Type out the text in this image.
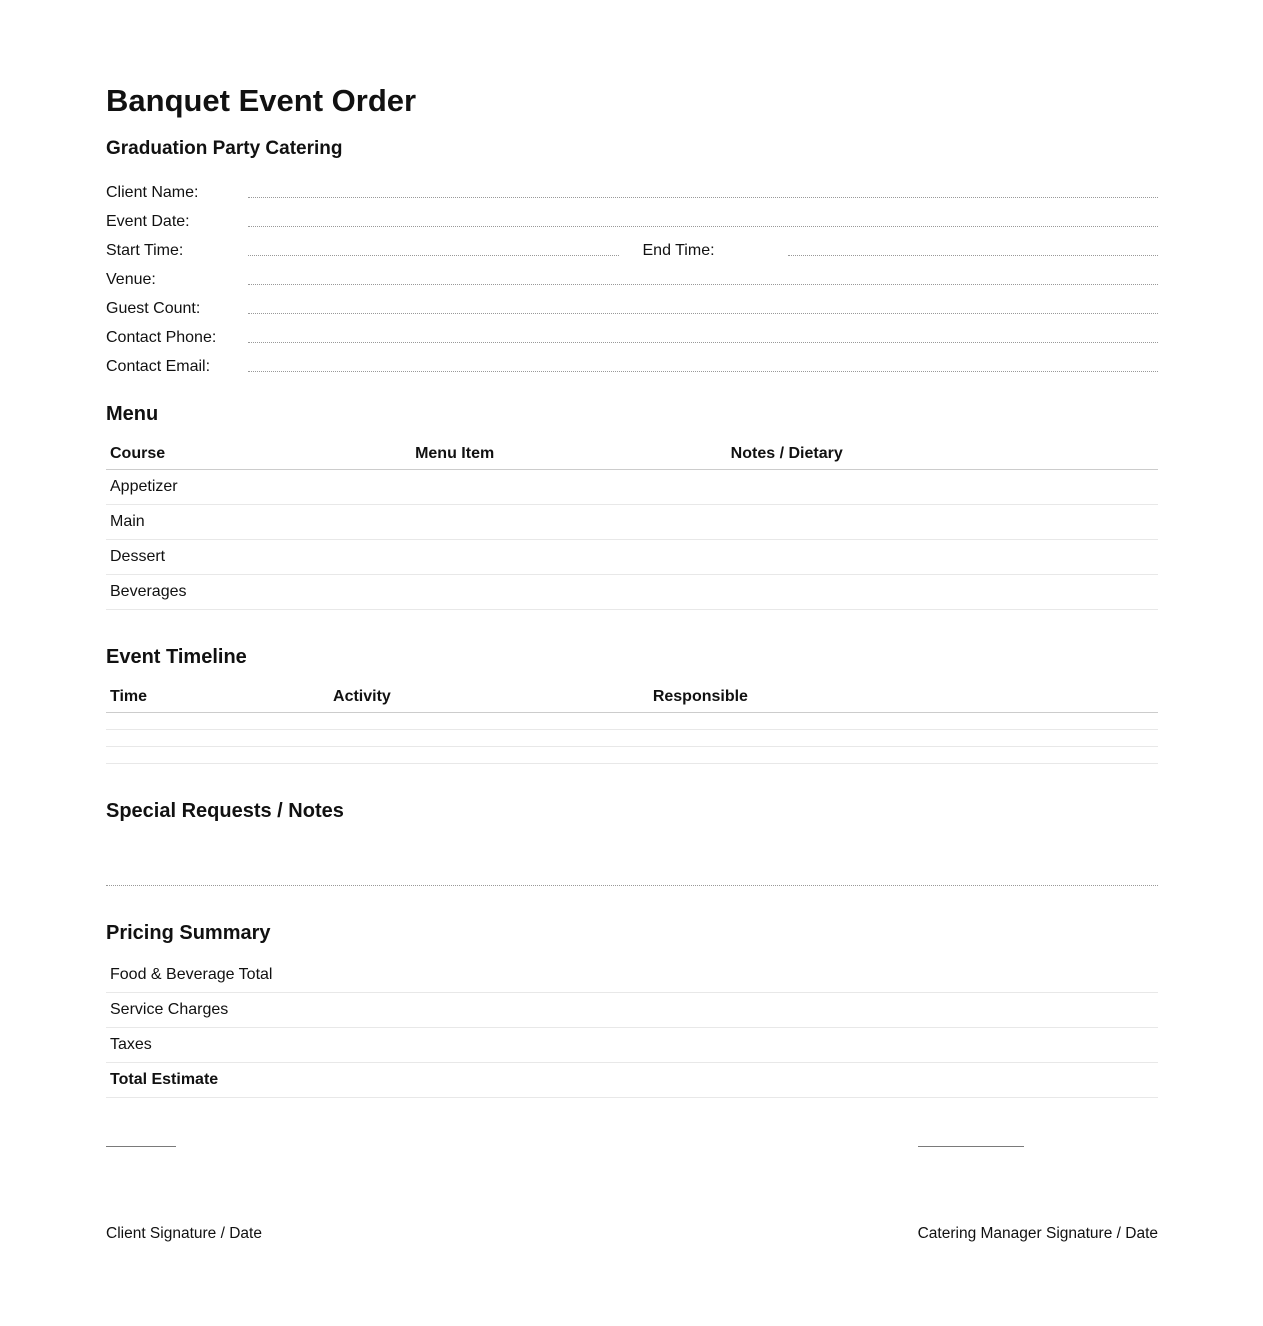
Banquet Event Order
Graduation Party Catering
Client Name:
Event Date:
Start Time:	End Time:
Venue:
Guest Count:
Contact Phone:
Contact Email:
Menu
Course	Menu Item	Notes / Dietary
Appetizer		
Main		
Dessert		
Beverages		
Event Timeline
Time	Activity	Responsible

Special Requests / Notes
Pricing Summary
Food & Beverage Total
Service Charges
Taxes
Total Estimate
Client Signature / Date	Catering Manager Signature / Date
